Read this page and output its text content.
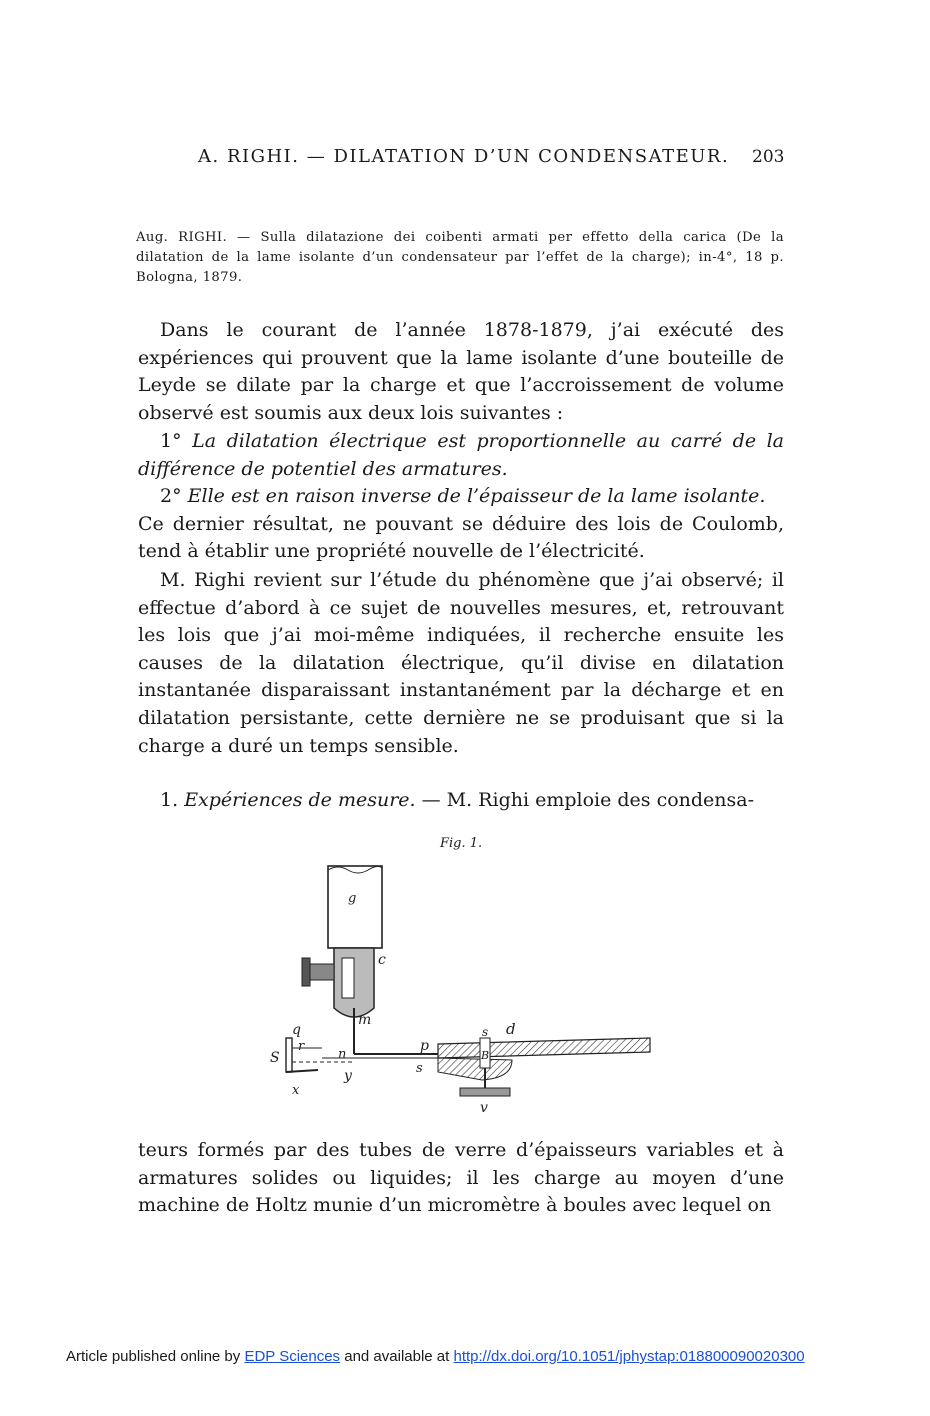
A. RIGHI. — DILATATION D’UN CONDENSATEUR. 203
Aug. RIGHI. — Sulla dilatazione dei coibenti armati per effetto della carica (De la dilatation de la lame isolante d’un condensateur par l’effet de la charge); in-4°, 18 p. Bologna, 1879.
Dans le courant de l’année 1878-1879, j’ai exécuté des expériences qui prouvent que la lame isolante d’une bouteille de Leyde se dilate par la charge et que l’accroissement de volume observé est soumis aux deux lois suivantes :
1° La dilatation électrique est proportionnelle au carré de la différence de potentiel des armatures.
2° Elle est en raison inverse de l’épaisseur de la lame isolante.
Ce dernier résultat, ne pouvant se déduire des lois de Coulomb, tend à établir une propriété nouvelle de l’électricité.
M. Righi revient sur l’étude du phénomène que j’ai observé; il effectue d’abord à ce sujet de nouvelles mesures, et, retrouvant les lois que j’ai moi-même indiquées, il recherche ensuite les causes de la dilatation électrique, qu’il divise en dilatation instantanée disparaissant instantanément par la décharge et en dilatation persistante, cette dernière ne se produisant que si la charge a duré un temps sensible.
1. Expériences de mesure. — M. Righi emploie des condensa-
Fig. 1.
g
c
m
q
S
r
n
x
y
p
s d
B
s
v
teurs formés par des tubes de verre d’épaisseurs variables et à armatures solides ou liquides; il les charge au moyen d’une machine de Holtz munie d’un micromètre à boules avec lequel on
Article published online by EDP Sciences and available at http://dx.doi.org/10.1051/jphystap:018800090020300
